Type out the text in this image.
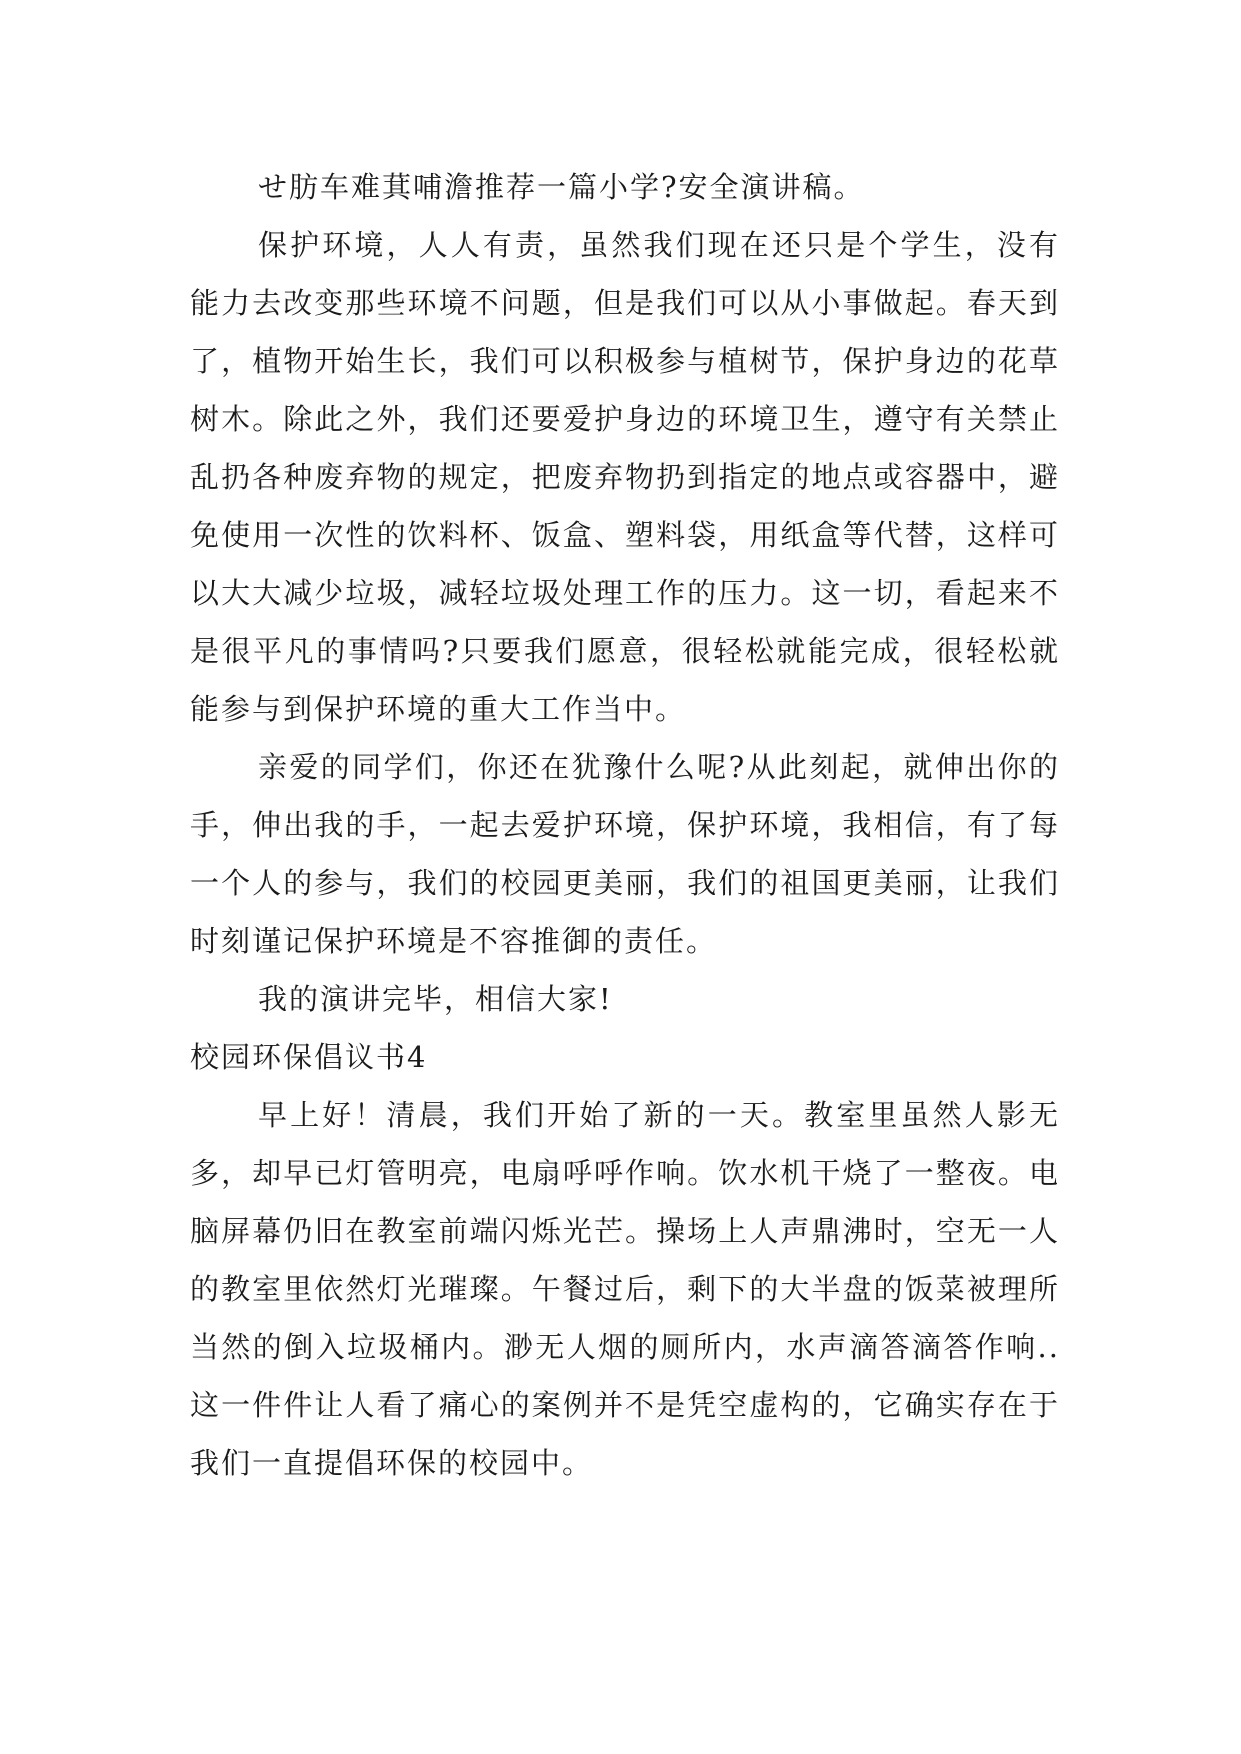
せ肪车难萁哺澹推荐一篇小学?安全演讲稿。

保护环境，人人有责，虽然我们现在还只是个学生，没有能力去改变那些环境不问题，但是我们可以从小事做起。春天到了，植物开始生长，我们可以积极参与植树节，保护身边的花草树木。除此之外，我们还要爱护身边的环境卫生，遵守有关禁止乱扔各种废弃物的规定，把废弃物扔到指定的地点或容器中，避免使用一次性的饮料杯、饭盒、塑料袋，用纸盒等代替，这样可以大大减少垃圾，减轻垃圾处理工作的压力。这一切，看起来不是很平凡的事情吗?只要我们愿意，很轻松就能完成，很轻松就能参与到保护环境的重大工作当中。

亲爱的同学们，你还在犹豫什么呢?从此刻起，就伸出你的手，伸出我的手，一起去爱护环境，保护环境，我相信，有了每一个人的参与，我们的校园更美丽，我们的祖国更美丽，让我们时刻谨记保护环境是不容推御的责任。

我的演讲完毕，相信大家!

校园环保倡议书4

早上好！清晨，我们开始了新的一天。教室里虽然人影无多，却早已灯管明亮，电扇呼呼作响。饮水机干烧了一整夜。电脑屏幕仍旧在教室前端闪烁光芒。操场上人声鼎沸时，空无一人的教室里依然灯光璀璨。午餐过后，剩下的大半盘的饭菜被理所当然的倒入垃圾桶内。渺无人烟的厕所内，水声滴答滴答作响..这一件件让人看了痛心的案例并不是凭空虚构的，它确实存在于我们一直提倡环保的校园中。
